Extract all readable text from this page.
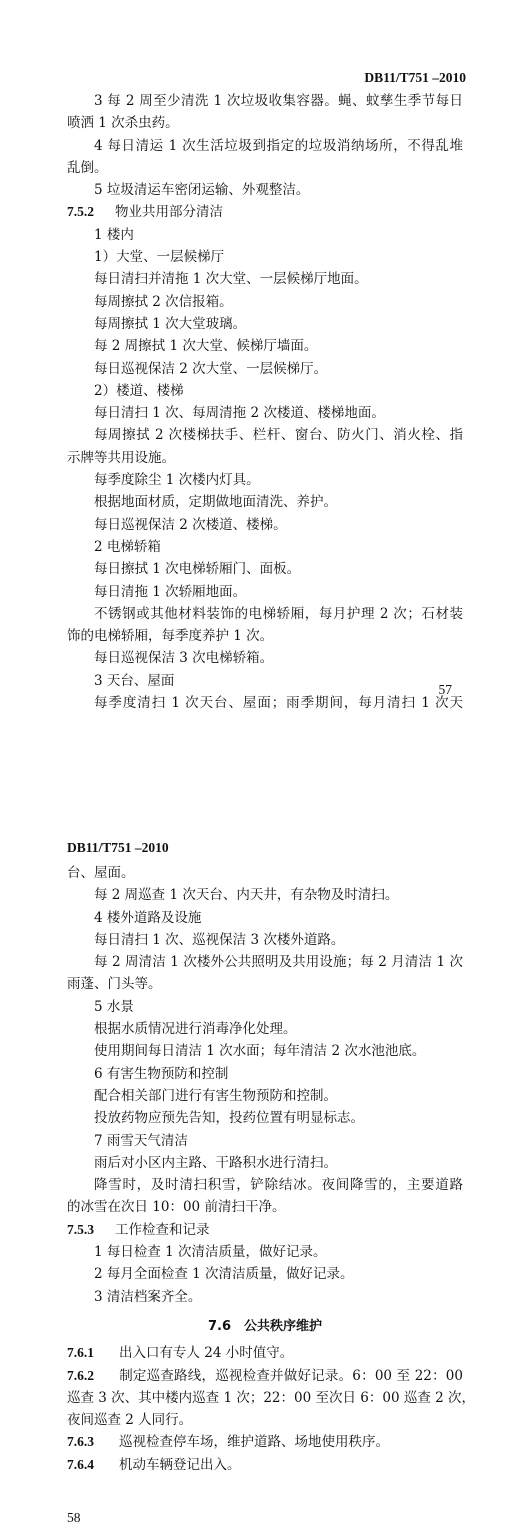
DB11/T751 –2010
3 每 2 周至少清洗 1 次垃圾收集容器。蝇、蚊孳生季节每日
喷洒 1 次杀虫药。
4 每日清运 1 次生活垃圾到指定的垃圾消纳场所，不得乱堆
乱倒。
5 垃圾清运车密闭运输、外观整洁。
7.5.2 物业共用部分清洁
1 楼内
1）大堂、一层候梯厅
每日清扫并清拖 1 次大堂、一层候梯厅地面。
每周擦拭 2 次信报箱。
每周擦拭 1 次大堂玻璃。
每 2 周擦拭 1 次大堂、候梯厅墙面。
每日巡视保洁 2 次大堂、一层候梯厅。
2）楼道、楼梯
每日清扫 1 次、每周清拖 2 次楼道、楼梯地面。
每周擦拭 2 次楼梯扶手、栏杆、窗台、防火门、消火栓、指
示牌等共用设施。
每季度除尘 1 次楼内灯具。
根据地面材质，定期做地面清洗、养护。
每日巡视保洁 2 次楼道、楼梯。
2 电梯轿箱
每日擦拭 1 次电梯轿厢门、面板。
每日清拖 1 次轿厢地面。
不锈钢或其他材料装饰的电梯轿厢，每月护理 2 次；石材装
饰的电梯轿厢，每季度养护 1 次。
每日巡视保洁 3 次电梯轿箱。
3 天台、屋面
每季度清扫 1 次天台、屋面；雨季期间，每月清扫 1 次天
57
DB11/T751 –2010
台、屋面。
每 2 周巡查 1 次天台、内天井，有杂物及时清扫。
4 楼外道路及设施
每日清扫 1 次、巡视保洁 3 次楼外道路。
每 2 周清洁 1 次楼外公共照明及共用设施；每 2 月清洁 1 次
雨蓬、门头等。
5 水景
根据水质情况进行消毒净化处理。
使用期间每日清洁 1 次水面；每年清洁 2 次水池池底。
6 有害生物预防和控制
配合相关部门进行有害生物预防和控制。
投放药物应预先告知，投药位置有明显标志。
7 雨雪天气清洁
雨后对小区内主路、干路积水进行清扫。
降雪时，及时清扫积雪，铲除结冰。夜间降雪的，主要道路
的冰雪在次日 10：00 前清扫干净。
7.5.3 工作检查和记录
1 每日检查 1 次清洁质量，做好记录。
2 每月全面检查 1 次清洁质量，做好记录。
3 清洁档案齐全。
7.6　公共秩序维护
7.6.1 出入口有专人 24 小时值守。
7.6.2 制定巡查路线，巡视检查并做好记录。6：00 至 22：00
巡查 3 次、其中楼内巡查 1 次；22：00 至次日 6：00 巡查 2 次，
夜间巡查 2 人同行。
7.6.3 巡视检查停车场，维护道路、场地使用秩序。
7.6.4 机动车辆登记出入。
58
